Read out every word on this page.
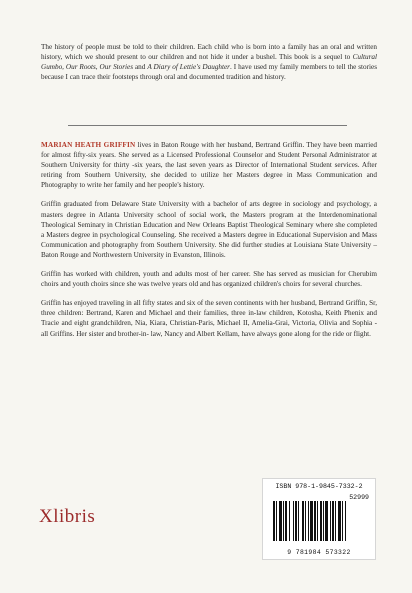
The history of people must be told to their children. Each child who is born into a family has an oral and written history, which we should present to our children and not hide it under a bushel. This book is a sequel to Cultural Gumbo, Our Roots, Our Stories and A Diary of Lettie's Daughter. I have used my family members to tell the stories because I can trace their footsteps through oral and documented tradition and history.

MARIAN HEATH GRIFFIN lives in Baton Rouge with her husband, Bertrand Griffin. They have been married for almost fifty-six years. She served as a Licensed Professional Counselor and Student Personal Administrator at Southern University for thirty -six years, the last seven years as Director of International Student services. After retiring from Southern University, she decided to utilize her Masters degree in Mass Communication and Photography to write her family and her people's history.

Griffin graduated from Delaware State University with a bachelor of arts degree in sociology and psychology, a masters degree in Atlanta University school of social work, the Masters program at the Interdenominational Theological Seminary in Christian Education and New Orleans Baptist Theological Seminary where she completed a Masters degree in psychological Counseling. She received a Masters degree in Educational Supervision and Mass Communication and photography from Southern University. She did further studies at Louisiana State University – Baton Rouge and Northwestern University in Evanston, Illinois.

Griffin has worked with children, youth and adults most of her career. She has served as musician for Cherubim choirs and youth choirs since she was twelve years old and has organized children's choirs for several churches.

Griffin has enjoyed traveling in all fifty states and six of the seven continents with her husband, Bertrand Griffin, Sr, three children: Bertrand, Karen and Michael and their families, three in-law children, Kotosha, Keith Phenix and Tracie and eight grandchildren, Nia, Kiara, Christian-Paris, Michael II, Amelia-Grai, Victoria, Olivia and Sophia - all Griffins. Her sister and brother-in- law, Nancy and Albert Kellam, have always gone along for the ride or flight.

Xlibris
ISBN 978-1-9845-7332-2
52999
9 781984 573322
